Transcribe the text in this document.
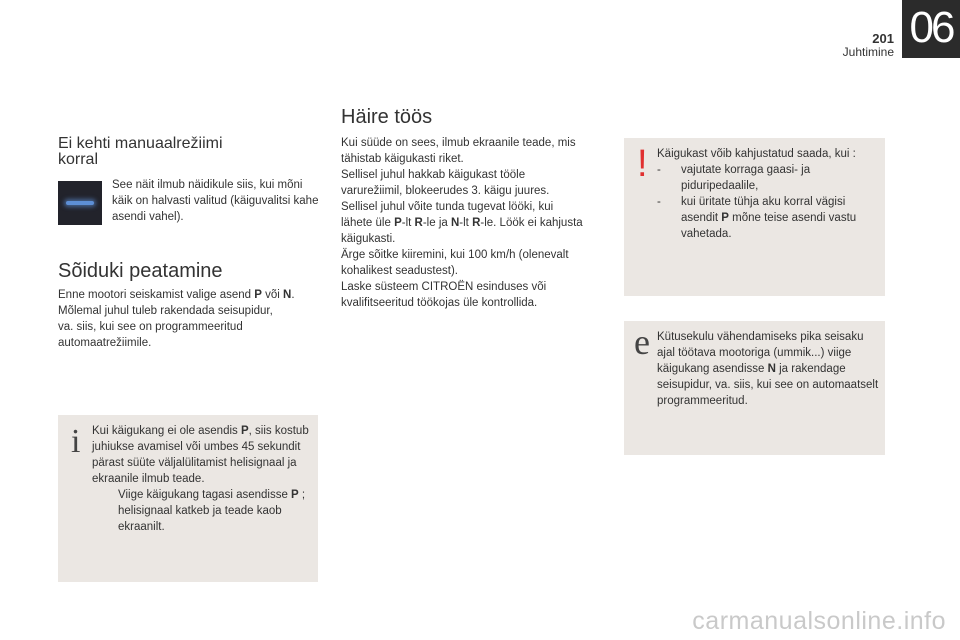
201
Juhtimine 06
Ei kehti manuaalrežiimi korral
See näit ilmub näidikule siis, kui mõni käik on halvasti valitud (käiguvalitsi kahe asendi vahel).
Sõiduki peatamine

Enne mootori seiskamist valige asend P või N.

Mõlemal juhul tuleb rakendada seisupidur,

va. siis, kui see on programmeeritud

automaatrežiimile.

i Kui käigukang ei ole asendis P, siis kostub juhiukse avamisel või umbes 45 sekundit pärast süüte väljalülitamist helisignaal ja ekraanile ilmub teade.

Viige käigukang tagasi asendisse P ; helisignaal katkeb ja teade kaob ekraanilt.
Häire töös

Kui süüde on sees, ilmub ekraanile teade, mis

tähistab käigukasti riket.

Sellisel juhul hakkab käigukast tööle

varurežiimil, blokeerudes 3. käigu juures.

Sellisel juhul võite tunda tugevat lööki, kui

lähete üle P-lt R-le ja N-lt R-le. Löök ei kahjusta

käigukasti.

Ärge sõitke kiiremini, kui 100 km/h (olenevalt

kohalikest seadustest).

Laske süsteem CITROËN esinduses või

kvalifitseeritud töökojas üle kontrollida.

! Käigukast võib kahjustatud saada, kui :

- vajutate korraga gaasi- ja piduripedaalile,
- kui üritate tühja aku korral vägisi asendit P mõne teise asendi vastu vahetada.
e Kütusekulu vähendamiseks pika seisaku ajal töötava mootoriga (ummik...) viige käigukang asendisse N ja rakendage seisupidur, va. siis, kui see on automaatselt programmeeritud.

carmanualsonline.info
